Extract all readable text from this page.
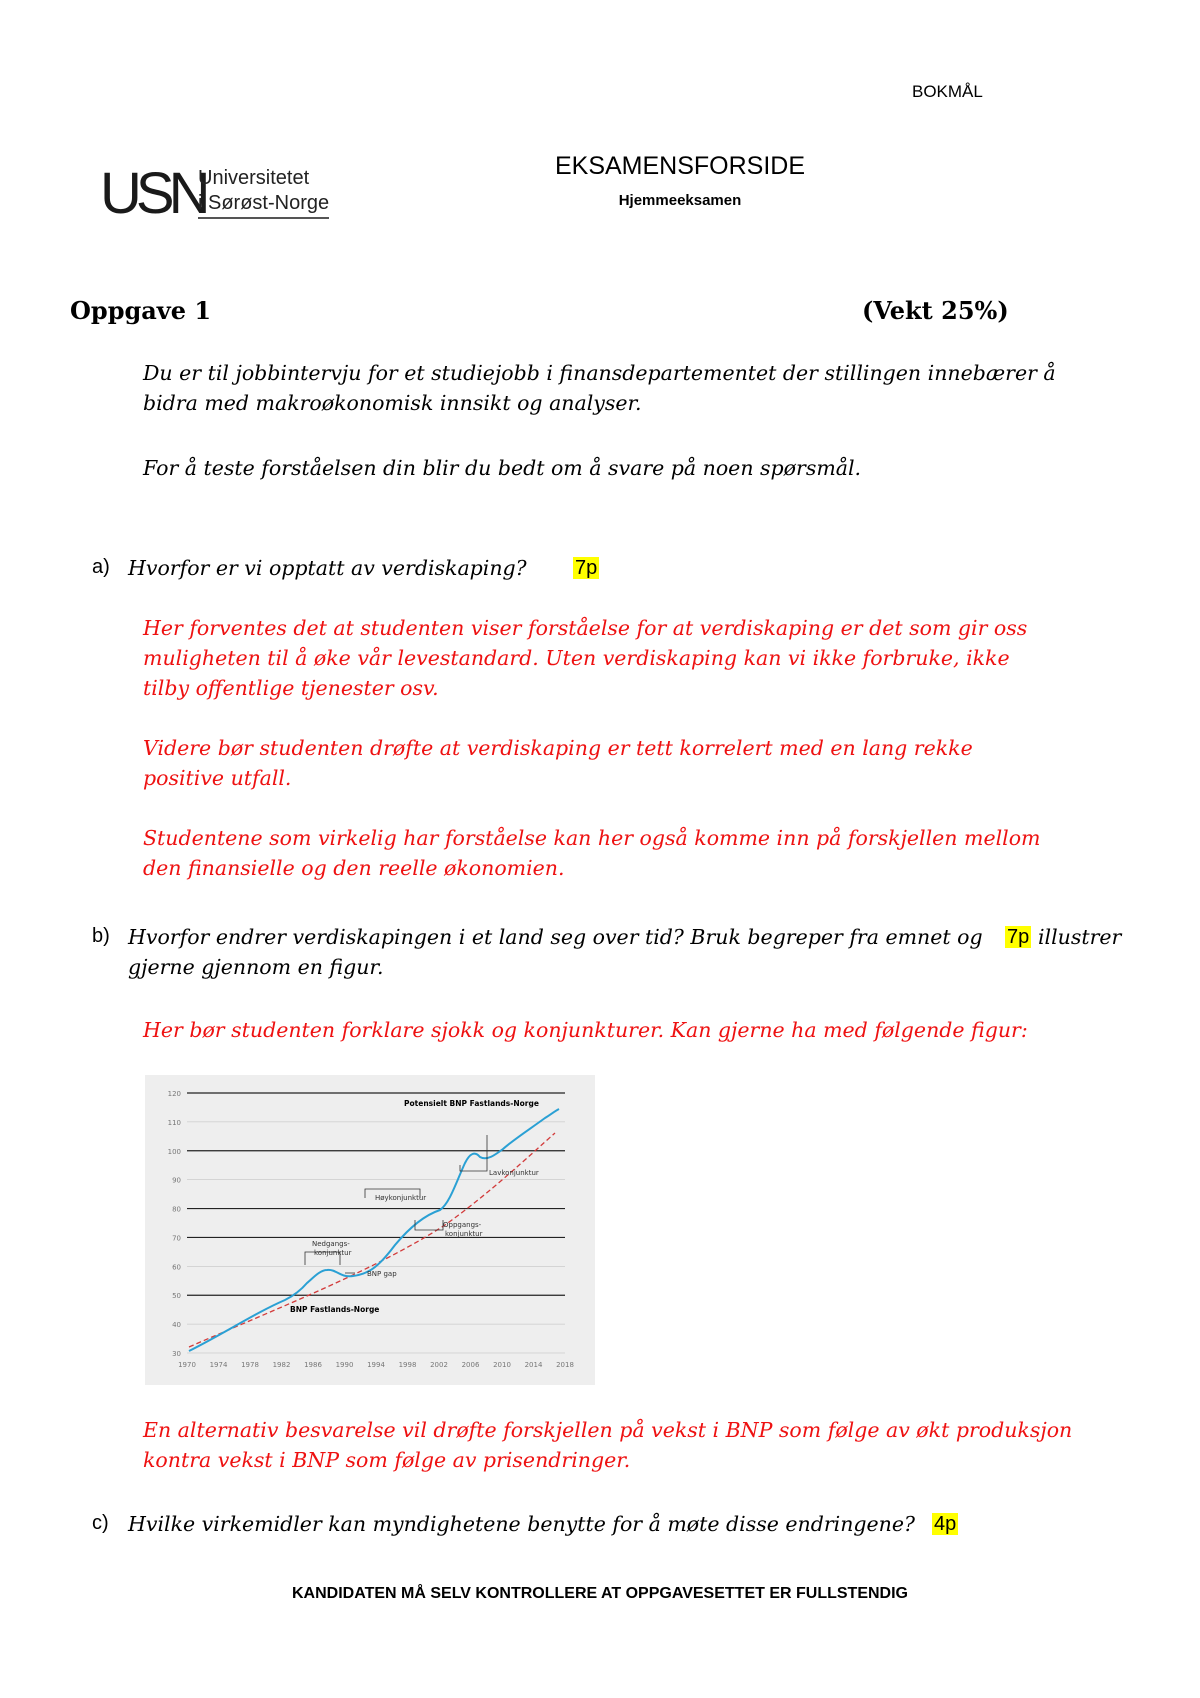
BOKMÅL
USN
Universitetet
i Sørøst-Norge
EKSAMENSFORSIDE
Hjemmeeksamen
Oppgave 1	(Vekt 25%)
Du er til jobbintervju for et studiejobb i finansdepartementet der stillingen innebærer å bidra med makroøkonomisk innsikt og analyser.
For å teste forståelsen din blir du bedt om å svare på noen spørsmål.
a) Hvorfor er vi opptatt av verdiskaping? 7p
Her forventes det at studenten viser forståelse for at verdiskaping er det som gir oss muligheten til å øke vår levestandard. Uten verdiskaping kan vi ikke forbruke, ikke tilby offentlige tjenester osv.
Videre bør studenten drøfte at verdiskaping er tett korrelert med en lang rekke positive utfall.
Studentene som virkelig har forståelse kan her også komme inn på forskjellen mellom den finansielle og den reelle økonomien.
b) Hvorfor endrer verdiskapingen i et land seg over tid? Bruk begreper fra emnet og 7p illustrer
gjerne gjennom en figur.
Her bør studenten forklare sjokk og konjunkturer. Kan gjerne ha med følgende figur:
120
110
100
90
80
70
60
50
40
30
1970 1974 1978 1982 1986 1990 1994 1998 2002 2006 2010 2014 2018
Potensielt BNP Fastlands-Norge
BNP Fastlands-Norge
Nedgangs-
konjunktur
BNP gap
Høykonjunktur
Oppgangs-
konjunktur
Lavkonjunktur
En alternativ besvarelse vil drøfte forskjellen på vekst i BNP som følge av økt produksjon kontra vekst i BNP som følge av prisendringer.
c) Hvilke virkemidler kan myndighetene benytte for å møte disse endringene? 4p
KANDIDATEN MÅ SELV KONTROLLERE AT OPPGAVESETTET ER FULLSTENDIG
